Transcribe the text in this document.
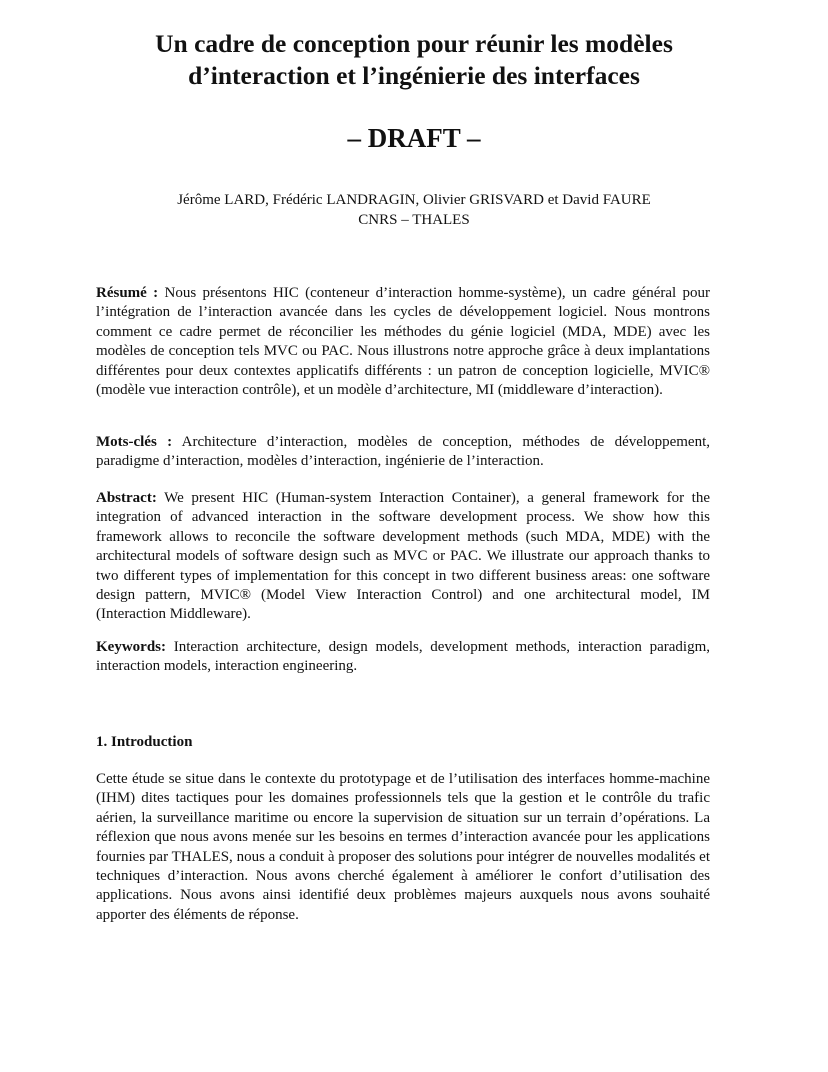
Un cadre de conception pour réunir les modèles
d’interaction et l’ingénierie des interfaces
– DRAFT –
Jérôme LARD, Frédéric LANDRAGIN, Olivier GRISVARD et David FAURE
CNRS – THALES

Résumé : Nous présentons HIC (conteneur d’interaction homme-système), un cadre général pour l’intégration de l’interaction avancée dans les cycles de développement logiciel. Nous montrons comment ce cadre permet de réconcilier les méthodes du génie logiciel (MDA, MDE) avec les modèles de conception tels MVC ou PAC. Nous illustrons notre approche grâce à deux implantations différentes pour deux contextes applicatifs différents : un patron de conception logicielle, MVIC® (modèle vue interaction contrôle), et un modèle d’architecture, MI (middleware d’interaction).

Mots-clés : Architecture d’interaction, modèles de conception, méthodes de développement, paradigme d’interaction, modèles d’interaction, ingénierie de l’interaction.

Abstract: We present HIC (Human-system Interaction Container), a general framework for the integration of advanced interaction in the software development process. We show how this framework allows to reconcile the software development methods (such MDA, MDE) with the architectural models of software design such as MVC or PAC. We illustrate our approach thanks to two different types of implementation for this concept in two different business areas: one software design pattern, MVIC® (Model View Interaction Control) and one architectural model, IM (Interaction Middleware).

Keywords: Interaction architecture, design models, development methods, interaction paradigm, interaction models, interaction engineering.

1. Introduction

Cette étude se situe dans le contexte du prototypage et de l’utilisation des interfaces homme-machine (IHM) dites tactiques pour les domaines professionnels tels que la gestion et le contrôle du trafic aérien, la surveillance maritime ou encore la supervision de situation sur un terrain d’opérations. La réflexion que nous avons menée sur les besoins en termes d’interaction avancée pour les applications fournies par THALES, nous a conduit à proposer des solutions pour intégrer de nouvelles modalités et techniques d’interaction. Nous avons cherché également à améliorer le confort d’utilisation des applications. Nous avons ainsi identifié deux problèmes majeurs auxquels nous avons souhaité apporter des éléments de réponse.
